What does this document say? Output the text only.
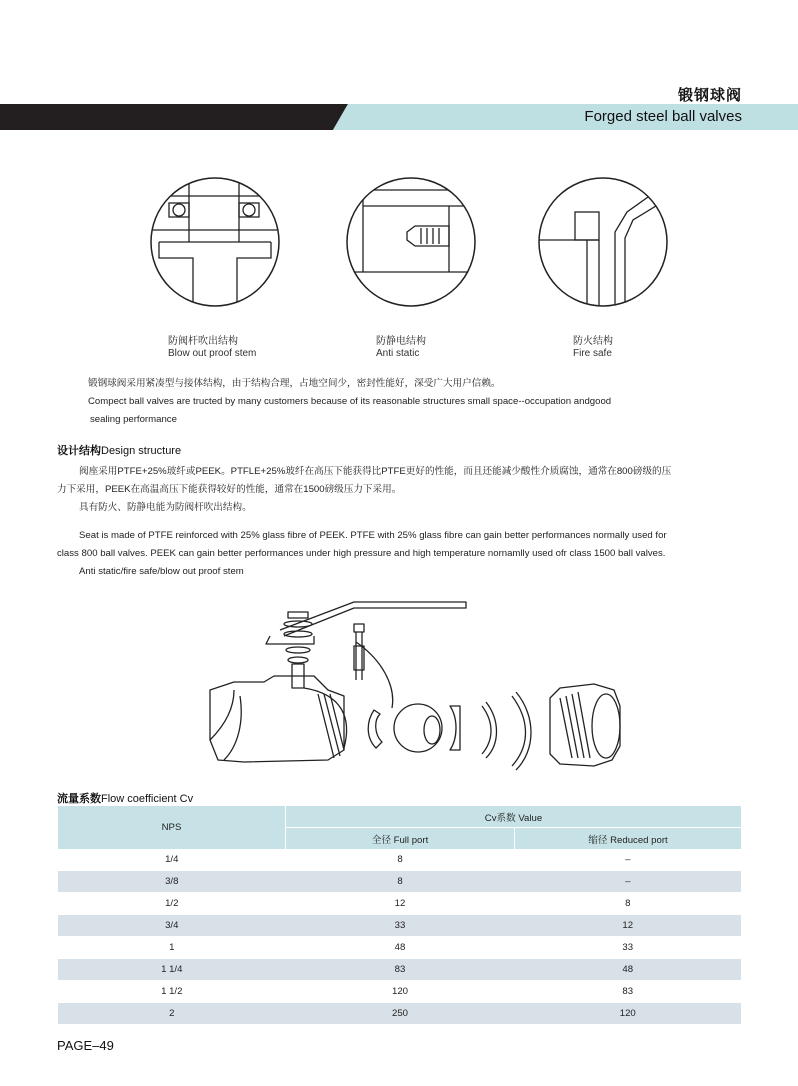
锻钢球阀
Forged steel ball valves
防阀杆吹出结构
Blow out proof stem
防静电结构
Anti static
防火结构
Fire safe
锻钢球阀采用紧凑型与接体结构，由于结构合理，占地空间少，密封性能好，深受广大用户信赖。
Compect ball valves are tructed by many customers because of its reasonable structures small space--occupation andgood
sealing performance
设计结构Design structure
阀座采用PTFE+25%玻纤或PEEK。PTFLE+25%玻纤在高压下能获得比PTFE更好的性能，而且还能减少酸性介质腐蚀，通常在800磅级的压
力下采用，PEEK在高温高压下能获得较好的性能，通常在1500磅级压力下采用。
具有防火、防静电能为防阀杆吹出结构。
Seat is made of PTFE reinforced with 25% glass fibre of PEEK. PTFE with 25% glass fibre can gain better performances normally used for
class 800 ball valves. PEEK can gain better performances under high pressure and high temperature nornamlly used ofr class 1500 ball valves.
Anti static/fire safe/blow out proof stem
流量系数Flow coefficient Cv
NPS	Cv系数 Value	
	全径 Full port	缩径 Reduced port
1/4	8	–
3/8	8	–
1/2	12	8
3/4	33	12
1	48	33
1 1/4	83	48
1 1/2	120	83
2	250	120
PAGE–49
